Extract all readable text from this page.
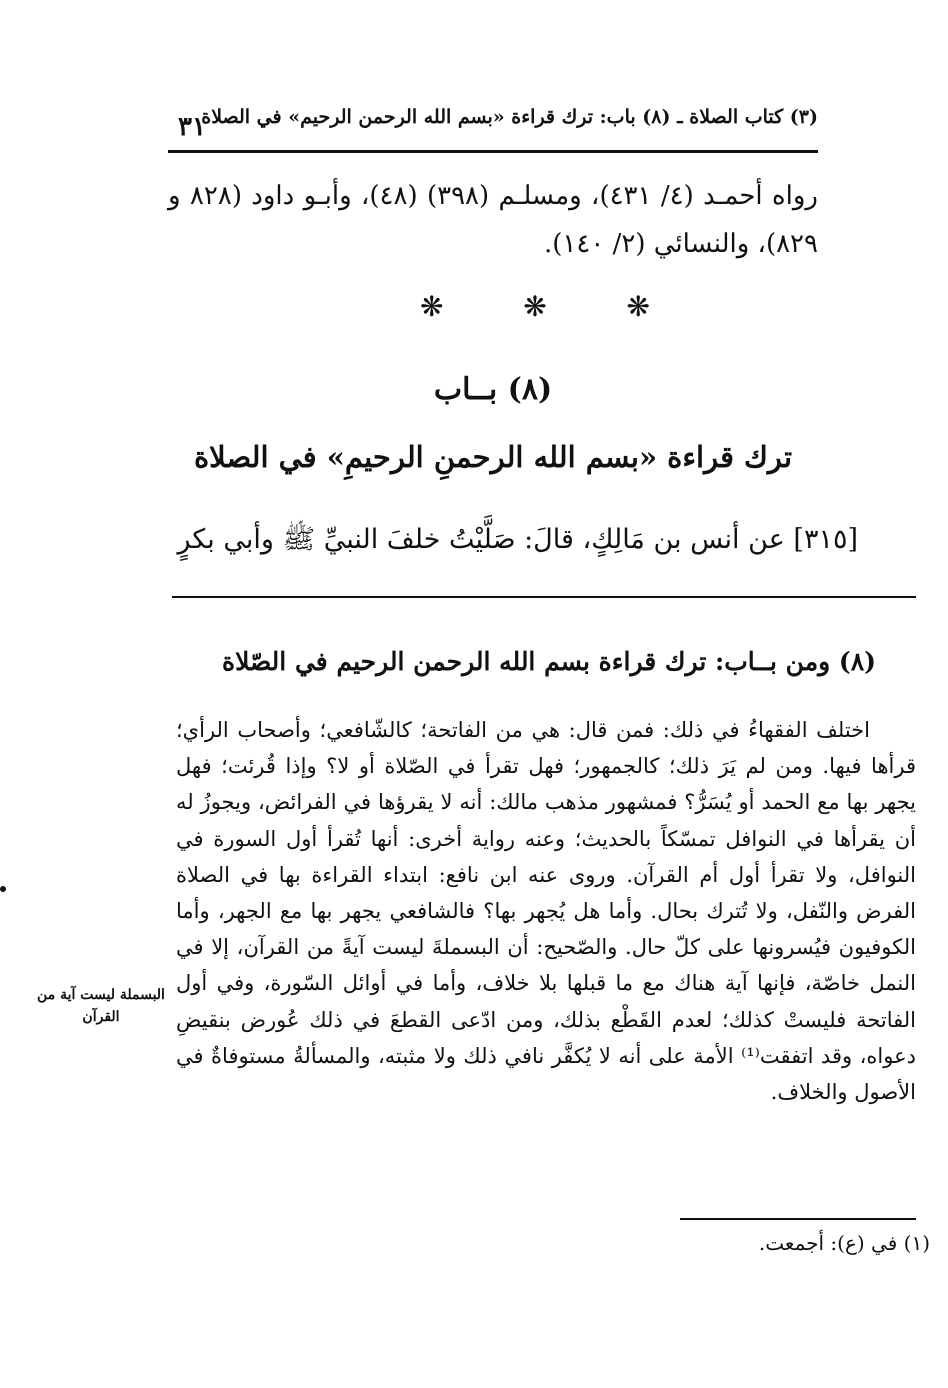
(٣) كتاب الصلاة ـ (٨) باب: ترك قراءة «بسم الله الرحمن الرحيم» في الصلاة
٣١
رواه أحمـد (٤/ ٤٣١)، ومسلـم (٣٩٨) (٤٨)، وأبـو داود (٨٢٨ و ٨٢٩)، والنسائي (٢/ ١٤٠).
❋	❋	❋
(٨) بــاب
ترك قراءة «بسم الله الرحمنِ الرحيمِ» في الصلاة
[٣١٥] عن أنس بن مَالِكٍ، قالَ: صَلَّيْتُ خلفَ النبيِّ ﷺ وأبي بكرٍ
(٨) ومن بــاب: ترك قراءة بسم الله الرحمن الرحيم في الصّلاة

اختلف الفقهاءُ في ذلك: فمن قال: هي من الفاتحة؛ كالشّافعي؛ وأصحاب الرأي؛ قرأها فيها. ومن لم يَرَ ذلك؛ كالجمهور؛ فهل تقرأ في الصّلاة أو لا؟ وإذا قُرئت؛ فهل يجهر بها مع الحمد أو يُسَرُّ؟ فمشهور مذهب مالك: أنه لا يقرؤها في الفرائض، ويجوزُ له أن يقرأها في النوافل تمسّكاً بالحديث؛ وعنه رواية أخرى: أنها تُقرأ أول السورة في النوافل، ولا تقرأ أول أم القرآن. وروى عنه ابن نافع: ابتداء القراءة بها في الصلاة الفرض والنّفل، ولا تُترك بحال. وأما هل يُجهر بها؟ فالشافعي يجهر بها مع الجهر، وأما الكوفيون فيُسرونها على كلّ حال. والصّحيح: أن البسملةَ ليست آيةً من القرآن، إلا في النمل خاصّة، فإنها آية هناك مع ما قبلها بلا خلاف، وأما في أوائل السّورة، وفي أول الفاتحة فليستْ كذلك؛ لعدم القَطْع بذلك، ومن ادّعى القطعَ في ذلك عُورض بنقيضِ دعواه، وقد اتفقت⁽¹⁾ الأمة على أنه لا يُكفَّر نافي ذلك ولا مثبته، والمسألةُ مستوفاةٌ في الأصول والخلاف.

البسملة ليست آية من القرآن
(١) في (ع): أجمعت.
